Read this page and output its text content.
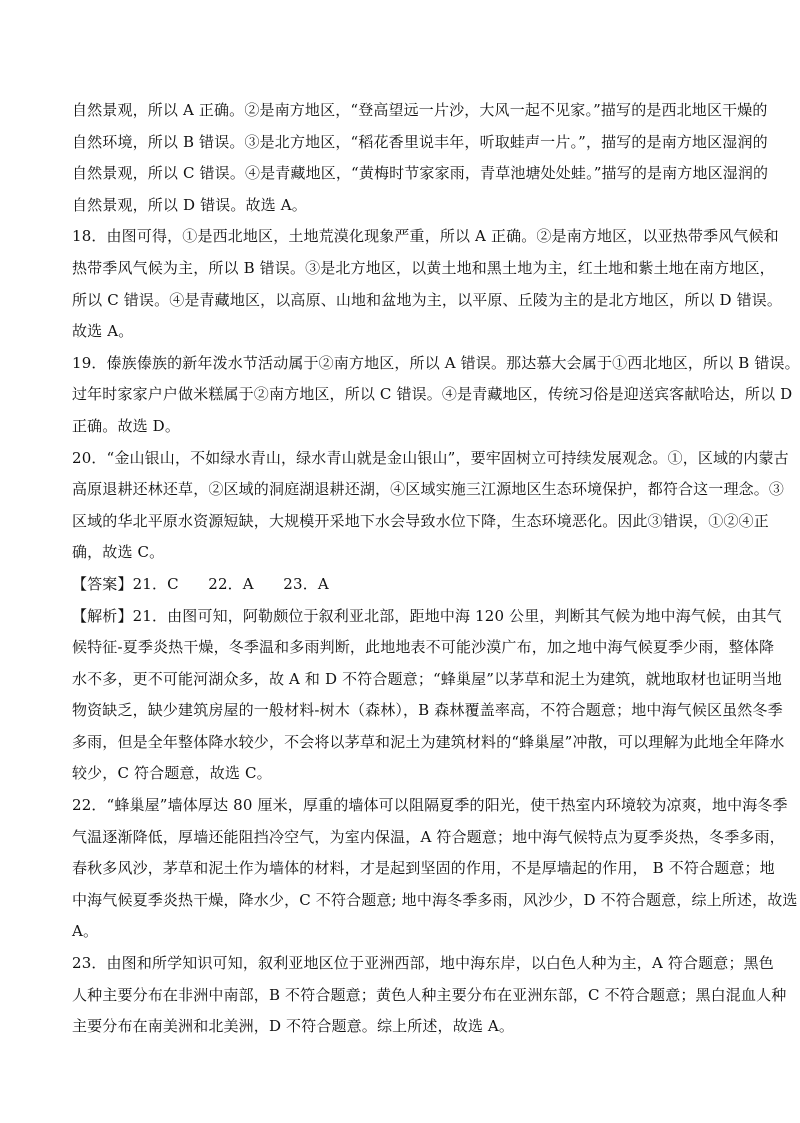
自然景观，所以 A 正确。②是南方地区，“登高望远一片沙，大风一起不见家。”描写的是西北地区干燥的
自然环境，所以 B 错误。③是北方地区，“稻花香里说丰年，听取蛙声一片。”，描写的是南方地区湿润的
自然景观，所以 C 错误。④是青藏地区，“黄梅时节家家雨，青草池塘处处蛙。”描写的是南方地区湿润的
自然景观，所以 D 错误。故选 A。

18．由图可得，①是西北地区，土地荒漠化现象严重，所以 A 正确。②是南方地区，以亚热带季风气候和
热带季风气候为主，所以 B 错误。③是北方地区，以黄土地和黑土地为主，红土地和紫土地在南方地区，
所以 C 错误。④是青藏地区，以高原、山地和盆地为主，以平原、丘陵为主的是北方地区，所以 D 错误。
故选 A。

19．傣族傣族的新年泼水节活动属于②南方地区，所以 A 错误。那达慕大会属于①西北地区，所以 B 错误。
过年时家家户户做米糕属于②南方地区，所以 C 错误。④是青藏地区，传统习俗是迎送宾客献哈达，所以 D
正确。故选 D。

20．“金山银山，不如绿水青山，绿水青山就是金山银山”，要牢固树立可持续发展观念。①，区域的内蒙古
高原退耕还林还草，②区域的洞庭湖退耕还湖，④区域实施三江源地区生态环境保护，都符合这一理念。③
区域的华北平原水资源短缺，大规模开采地下水会导致水位下降，生态环境恶化。因此③错误，①②④正
确，故选 C。

【答案】21．C      22．A      23．A

【解析】21．由图可知，阿勒颇位于叙利亚北部，距地中海 120 公里，判断其气候为地中海气候，由其气
候特征-夏季炎热干燥，冬季温和多雨判断，此地地表不可能沙漠广布，加之地中海气候夏季少雨，整体降
水不多，更不可能河湖众多，故 A 和 D 不符合题意；“蜂巢屋”以茅草和泥土为建筑，就地取材也证明当地
物资缺乏，缺少建筑房屋的一般材料-树木（森林），B 森林覆盖率高，不符合题意；地中海气候区虽然冬季
多雨，但是全年整体降水较少，不会将以茅草和泥土为建筑材料的“蜂巢屋”冲散，可以理解为此地全年降水
较少，C 符合题意，故选 C。

22．“蜂巢屋”墙体厚达 80 厘米，厚重的墙体可以阻隔夏季的阳光，使干热室内环境较为凉爽，地中海冬季
气温逐渐降低，厚墙还能阻挡冷空气，为室内保温，A 符合题意；地中海气候特点为夏季炎热，冬季多雨，
春秋多风沙，茅草和泥土作为墙体的材料，才是起到坚固的作用，不是厚墙起的作用， B 不符合题意；地
中海气候夏季炎热干燥，降水少，C 不符合题意; 地中海冬季多雨，风沙少，D 不符合题意，综上所述，故选
A。

23．由图和所学知识可知，叙利亚地区位于亚洲西部，地中海东岸，以白色人种为主，A 符合题意；黑色
人种主要分布在非洲中南部，B 不符合题意；黄色人种主要分布在亚洲东部，C 不符合题意；黑白混血人种
主要分布在南美洲和北美洲，D 不符合题意。综上所述，故选 A。
